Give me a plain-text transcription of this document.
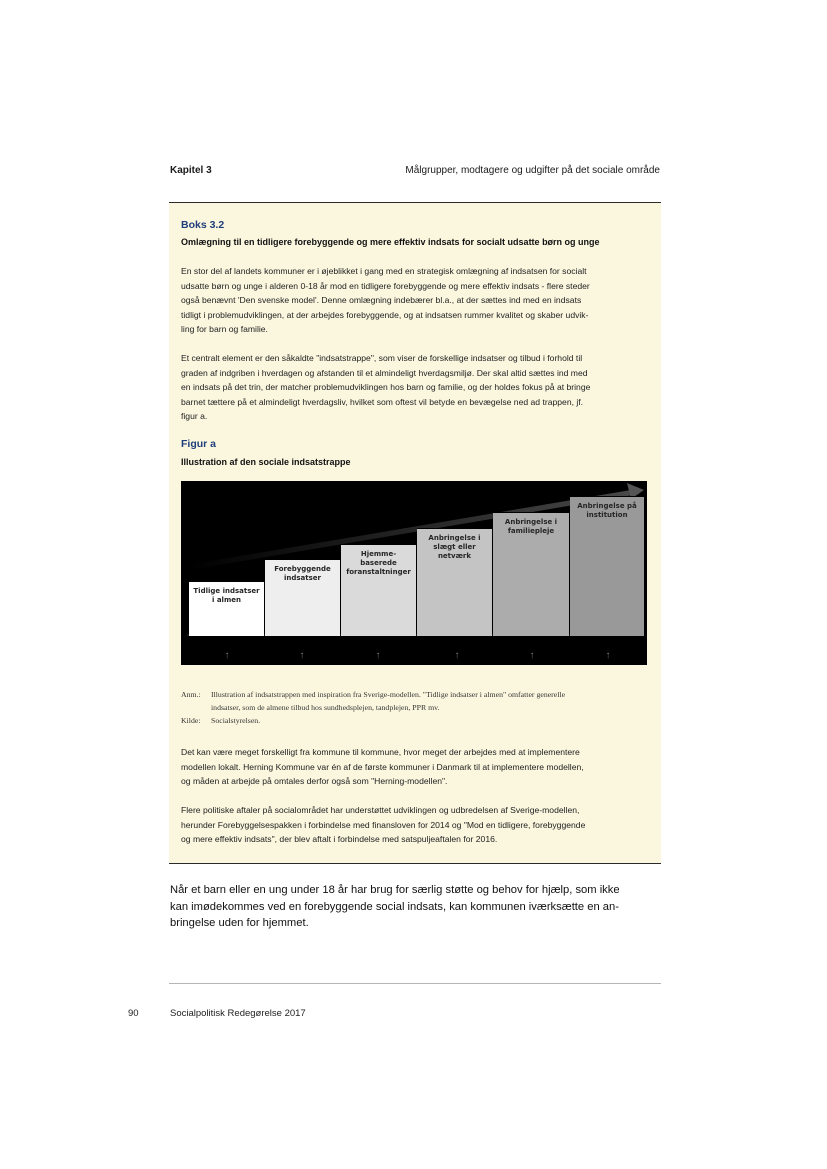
Kapitel 3	Målgrupper, modtagere og udgifter på det sociale område
Boks 3.2
Omlægning til en tidligere forebyggende og mere effektiv indsats for socialt udsatte børn og unge
En stor del af landets kommuner er i øjeblikket i gang med en strategisk omlægning af indsatsen for socialt
udsatte børn og unge i alderen 0-18 år mod en tidligere forebyggende og mere effektiv indsats - flere steder
også benævnt 'Den svenske model'. Denne omlægning indebærer bl.a., at der sættes ind med en indsats
tidligt i problemudviklingen, at der arbejdes forebyggende, og at indsatsen rummer kvalitet og skaber udvik-
ling for barn og familie.
Et centralt element er den såkaldte "indsatstrappe", som viser de forskellige indsatser og tilbud i forhold til
graden af indgriben i hverdagen og afstanden til et almindeligt hverdagsmiljø. Der skal altid sættes ind med
en indsats på det trin, der matcher problemudviklingen hos barn og familie, og der holdes fokus på at bringe
barnet tættere på et almindeligt hverdagsliv, hvilket som oftest vil betyde en bevægelse ned ad trappen, jf.
figur a.
Figur a
Illustration af den sociale indsatstrappe
Tidlige indsatser
i almen
Forebyggende
indsatser
Hjemme-
baserede
foranstaltninger
Anbringelse i
slægt eller
netværk
Anbringelse i
familiepleje
Anbringelse på
institution
↑	↑	↑	↑	↑	↑
Anm.: Illustration af indsatstrappen med inspiration fra Sverige-modellen. "Tidlige indsatser i almen" omfatter generelle
indsatser, som de almene tilbud hos sundhedsplejen, tandplejen, PPR mv.
Kilde: Socialstyrelsen.
Det kan være meget forskelligt fra kommune til kommune, hvor meget der arbejdes med at implementere
modellen lokalt. Herning Kommune var én af de første kommuner i Danmark til at implementere modellen,
og måden at arbejde på omtales derfor også som "Herning-modellen".
Flere politiske aftaler på socialområdet har understøttet udviklingen og udbredelsen af Sverige-modellen,
herunder Forebyggelsespakken i forbindelse med finansloven for 2014 og "Mod en tidligere, forebyggende
og mere effektiv indsats", der blev aftalt i forbindelse med satspuljeaftalen for 2016.
Når et barn eller en ung under 18 år har brug for særlig støtte og behov for hjælp, som ikke
kan imødekommes ved en forebyggende social indsats, kan kommunen iværksætte en an-
bringelse uden for hjemmet.
90	Socialpolitisk Redegørelse 2017
